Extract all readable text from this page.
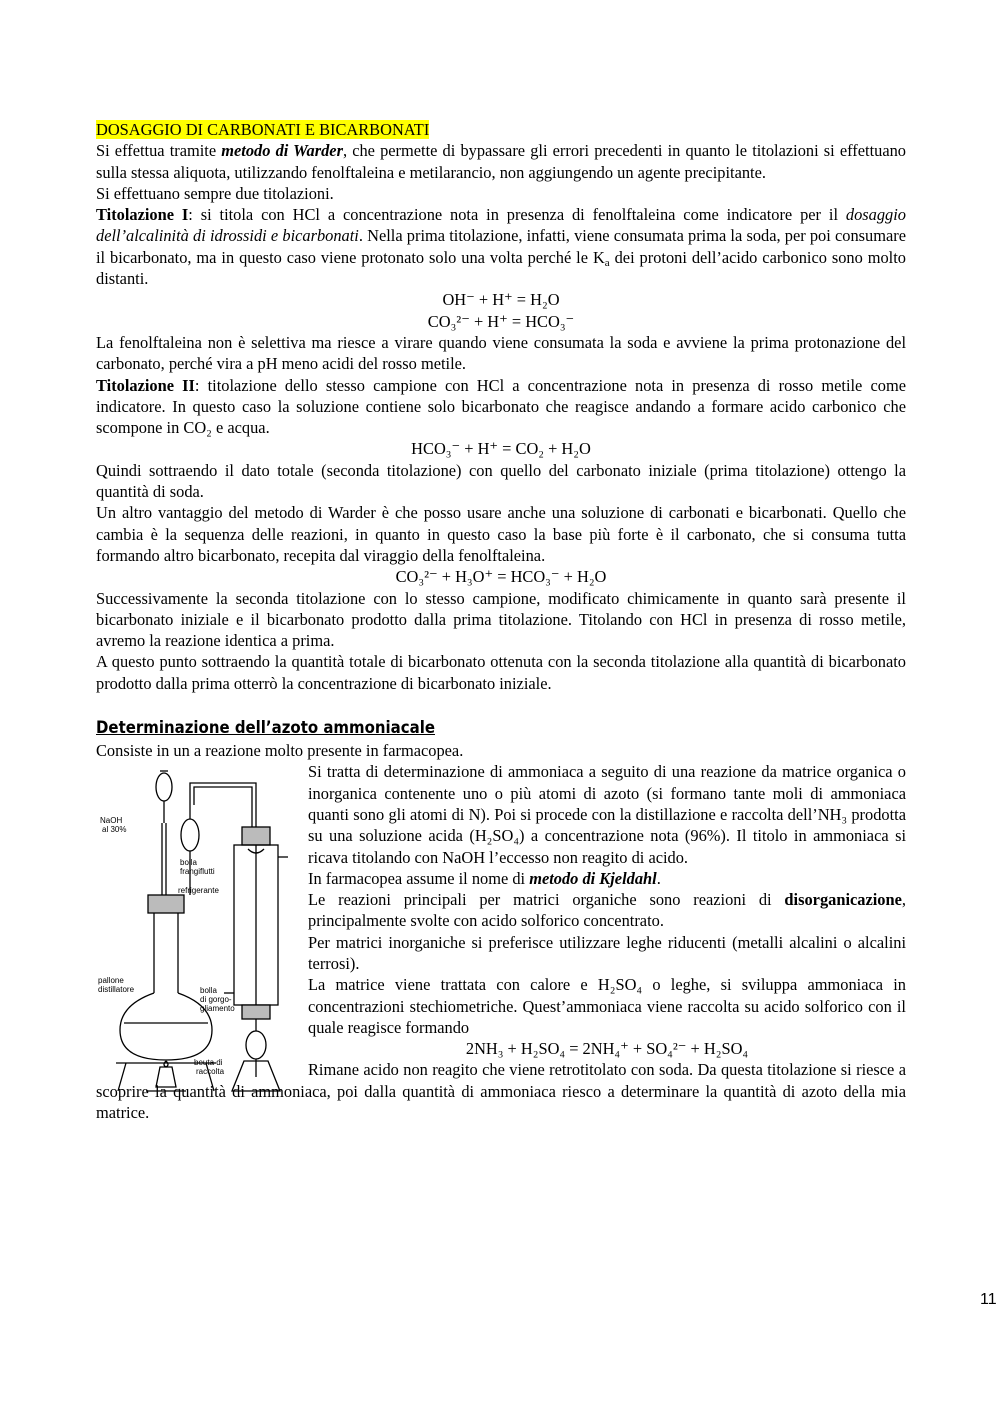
DOSAGGIO DI CARBONATI E BICARBONATI

Si effettua tramite metodo di Warder, che permette di bypassare gli errori precedenti in quanto le titolazioni si effettuano sulla stessa aliquota, utilizzando fenolftaleina e metilarancio, non aggiungendo un agente precipitante.

Si effettuano sempre due titolazioni.

Titolazione I: si titola con HCl a concentrazione nota in presenza di fenolftaleina come indicatore per il dosaggio dell’alcalinità di idrossidi e bicarbonati. Nella prima titolazione, infatti, viene consumata prima la soda, per poi consumare il bicarbonato, ma in questo caso viene protonato solo una volta perché le $K_a$ dei protoni dell’acido carbonico sono molto distanti.

OH⁻ + H⁺ = H₂O

CO₃²⁻ + H⁺ = HCO₃⁻

La fenolftaleina non è selettiva ma riesce a virare quando viene consumata la soda e avviene la prima protonazione del carbonato, perché vira a pH meno acidi del rosso metile.

Titolazione II: titolazione dello stesso campione con HCl a concentrazione nota in presenza di rosso metile come indicatore. In questo caso la soluzione contiene solo bicarbonato che reagisce andando a formare acido carbonico che scompone in CO₂ e acqua.

HCO₃⁻ + H⁺ = CO₂ + H₂O

Quindi sottraendo il dato totale (seconda titolazione) con quello del carbonato iniziale (prima titolazione) ottengo la quantità di soda.

Un altro vantaggio del metodo di Warder è che posso usare anche una soluzione di carbonati e bicarbonati. Quello che cambia è la sequenza delle reazioni, in quanto in questo caso la base più forte è il carbonato, che si consuma tutta formando altro bicarbonato, recepita dal viraggio della fenolftaleina.

CO₃²⁻ + H₃O⁺ = HCO₃⁻ + H₂O

Successivamente la seconda titolazione con lo stesso campione, modificato chimicamente in quanto sarà presente il bicarbonato iniziale e il bicarbonato prodotto dalla prima titolazione. Titolando con HCl in presenza di rosso metile, avremo la reazione identica a prima.

A questo punto sottraendo la quantità totale di bicarbonato ottenuta con la seconda titolazione alla quantità di bicarbonato prodotto dalla prima otterrò la concentrazione di bicarbonato iniziale.

Determinazione dell’azoto ammoniacale

Consiste in un a reazione molto presente in farmacopea.

NaOH
al 30%
bolla
frangiflutti
refrigerante
pallone
distillatore	bolla
di gorgo-
gliamento
beuta di
raccolta

Si tratta di determinazione di ammoniaca a seguito di una reazione da matrice organica o inorganica contenente uno o più atomi di azoto (si formano tante moli di ammoniaca quanti sono gli atomi di N). Poi si procede con la distillazione e raccolta dell’NH₃ prodotta su una soluzione acida (H₂SO₄) a concentrazione nota (96%). Il titolo in ammoniaca si ricava titolando con NaOH l’eccesso non reagito di acido.

In farmacopea assume il nome di metodo di Kjeldahl.

Le reazioni principali per matrici organiche sono reazioni di disorganicazione, principalmente svolte con acido solforico concentrato.

Per matrici inorganiche si preferisce utilizzare leghe riducenti (metalli alcalini o alcalini terrosi).

La matrice viene trattata con calore e H₂SO₄ o leghe, si sviluppa ammoniaca in concentrazioni stechiometriche. Quest’ammoniaca viene raccolta su acido solforico con il quale reagisce formando

2NH₃ + H₂SO₄ = 2NH₄⁺ + SO₄²⁻ + H₂SO₄

Rimane acido non reagito che viene retrotitolato con soda. Da questa titolazione si riesce a scoprire la quantità di ammoniaca, poi dalla quantità di ammoniaca riesco a determinare la quantità di azoto della mia matrice.

11
